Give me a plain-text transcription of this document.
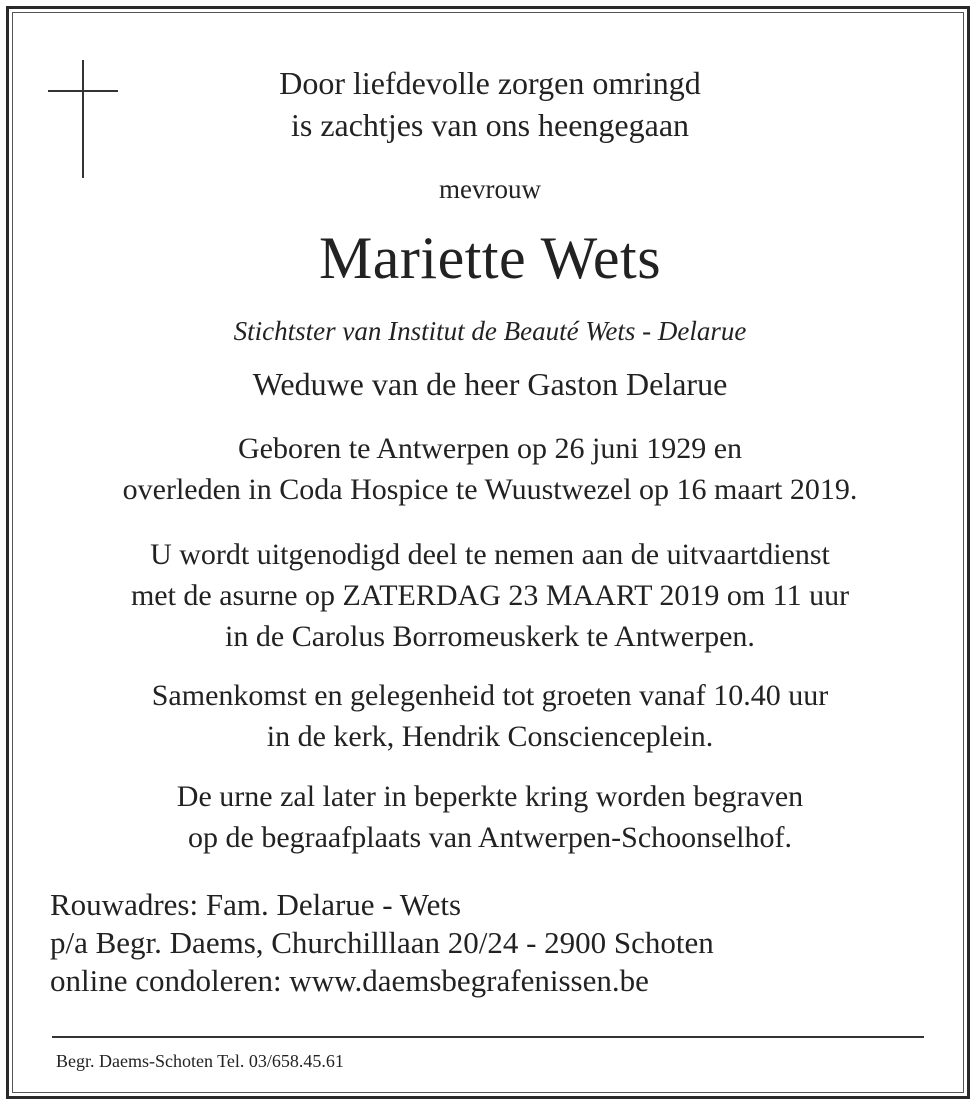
Door liefdevolle zorgen omringd
is zachtjes van ons heengegaan
mevrouw
Mariette Wets
Stichtster van Institut de Beauté Wets - Delarue
Weduwe van de heer Gaston Delarue
Geboren te Antwerpen op 26 juni 1929 en
overleden in Coda Hospice te Wuustwezel op 16 maart 2019.
U wordt uitgenodigd deel te nemen aan de uitvaartdienst
met de asurne op ZATERDAG 23 MAART 2019 om 11 uur
in de Carolus Borromeuskerk te Antwerpen.
Samenkomst en gelegenheid tot groeten vanaf 10.40 uur
in de kerk, Hendrik Conscienceplein.
De urne zal later in beperkte kring worden begraven
op de begraafplaats van Antwerpen-Schoonselhof.
Rouwadres: Fam. Delarue - Wets
p/a Begr. Daems, Churchilllaan 20/24 - 2900 Schoten
online condoleren: www.daemsbegrafenissen.be
Begr. Daems-Schoten Tel. 03/658.45.61
